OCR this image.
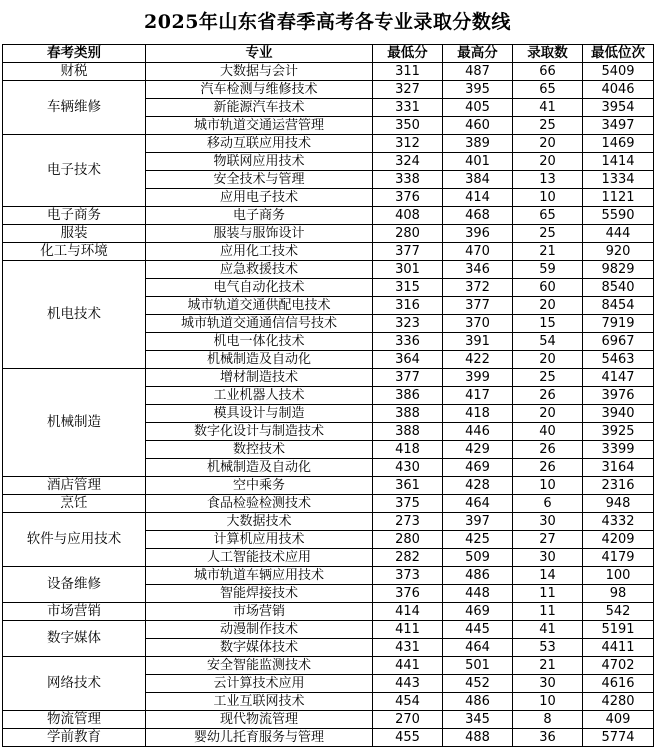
2025年山东省春季高考各专业录取分数线
春考类别	专业	最低分	最高分	录取数	最低位次
财税	大数据与会计	311	487	66	5409
车辆维修	汽车检测与维修技术	327	395	65	4046
	新能源汽车技术	331	405	41	3954
	城市轨道交通运营管理	350	460	25	3497
电子技术	移动互联应用技术	312	389	20	1469
	物联网应用技术	324	401	20	1414
	安全技术与管理	338	384	13	1334
	应用电子技术	376	414	10	1121
电子商务	电子商务	408	468	65	5590
服装	服装与服饰设计	280	396	25	444
化工与环境	应用化工技术	377	470	21	920
机电技术	应急救援技术	301	346	59	9829
	电气自动化技术	315	372	60	8540
	城市轨道交通供配电技术	316	377	20	8454
	城市轨道交通通信信号技术	323	370	15	7919
	机电一体化技术	336	391	54	6967
	机械制造及自动化	364	422	20	5463
机械制造	增材制造技术	377	399	25	4147
	工业机器人技术	386	417	26	3976
	模具设计与制造	388	418	20	3940
	数字化设计与制造技术	388	446	40	3925
	数控技术	418	429	26	3399
	机械制造及自动化	430	469	26	3164
酒店管理	空中乘务	361	428	10	2316
烹饪	食品检验检测技术	375	464	6	948
软件与应用技术	大数据技术	273	397	30	4332
	计算机应用技术	280	425	27	4209
	人工智能技术应用	282	509	30	4179
设备维修	城市轨道车辆应用技术	373	486	14	100
	智能焊接技术	376	448	11	98
市场营销	市场营销	414	469	11	542
数字媒体	动漫制作技术	411	445	41	5191
	数字媒体技术	431	464	53	4411
网络技术	安全智能监测技术	441	501	21	4702
	云计算技术应用	443	452	30	4616
	工业互联网技术	454	486	10	4280
物流管理	现代物流管理	270	345	8	409
学前教育	婴幼儿托育服务与管理	455	488	36	5774
